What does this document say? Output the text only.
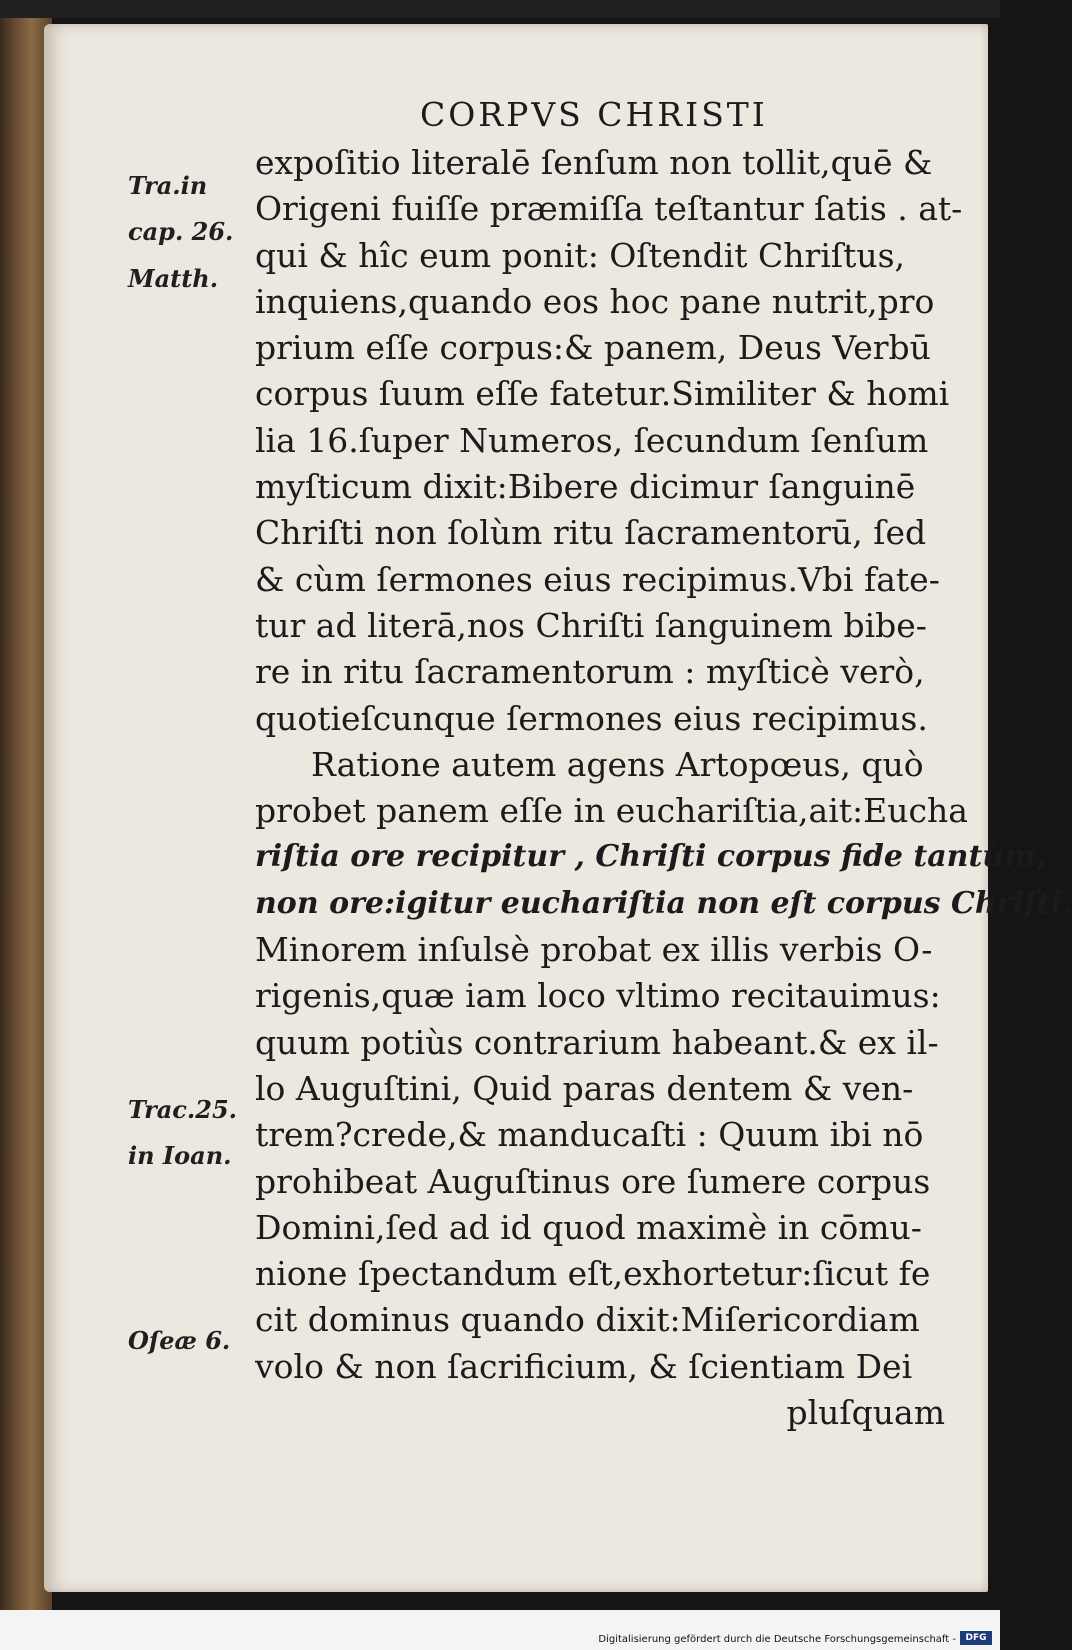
CORPVS CHRISTI
Tra.in
cap. 26.
Matth.
Trac.25.
in Ioan.
Oſeæ 6.
expoſitio literalē ſenſum non tollit,quē &
Origeni fuiſſe præmiſſa teſtantur ſatis . at-
qui & hîc eum ponit: Oſtendit Chriſtus,
inquiens,quando eos hoc pane nutrit,pro
prium eſſe corpus:& panem, Deus Verbū
corpus ſuum eſſe fatetur.Similiter & homi
lia 16.ſuper Numeros, ſecundum ſenſum
myſticum dixit:Bibere dicimur ſanguinē
Chriſti non ſolùm ritu ſacramentorū, ſed
& cùm ſermones eius recipimus.Vbi fate-
tur ad literā,nos Chriſti ſanguinem bibe-
re in ritu ſacramentorum : myſticè verò,
quotieſcunque ſermones eius recipimus.
Ratione autem agens Artopœus, quò
probet panem eſſe in euchariſtia,ait:Eucha
riſtia ore recipitur , Chriſti corpus fide tantùm,
non ore:igitur euchariſtia non eſt corpus Chriſti.
Minorem inſulsè probat ex illis verbis O-
rigenis,quæ iam loco vltimo recitauimus:
quum potiùs contrarium habeant.& ex il-
lo Auguſtini, Quid paras dentem & ven-
trem?crede,& manducaſti : Quum ibi nō
prohibeat Auguſtinus ore ſumere corpus
Domini,ſed ad id quod maximè in cōmu-
nione ſpectandum eſt,exhortetur:ſicut fe
cit dominus quando dixit:Miſericordiam
volo & non ſacrificium, & ſcientiam Dei
pluſquam
Digitalisierung gefördert durch die Deutsche Forschungsgemeinschaft -	DFG
